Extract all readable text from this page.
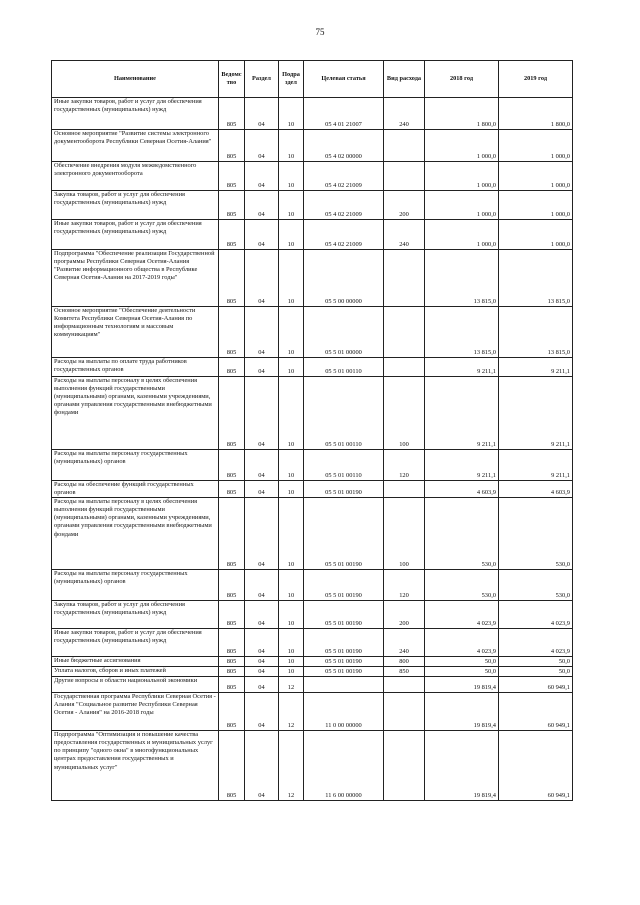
75
Наименование	Ведомс тво	Раздел	Подра здел	Целевая статья	Вид расхода	2018 год	2019 год
Иные закупки товаров, работ и услуг для обеспечения государственных (муниципальных) нужд	805	04	10	05 4 01 21007	240	1 800,0	1 800,0
Основное мероприятие "Развитие системы электронного документооборота Республики Северная Осетия-Алания"	805	04	10	05 4 02 00000		1 000,0	1 000,0
Обеспечение внедрения модуля межведомственного электронного документооборота	805	04	10	05 4 02 21009		1 000,0	1 000,0
Закупка товаров, работ и услуг для обеспечения государственных (муниципальных) нужд	805	04	10	05 4 02 21009	200	1 000,0	1 000,0
Иные закупки товаров, работ и услуг для обеспечения государственных (муниципальных) нужд	805	04	10	05 4 02 21009	240	1 000,0	1 000,0
Подпрограмма "Обеспечение реализации Государственной программы Республики Северная Осетия-Алания "Развитие информационного общества в Республике Северная Осетия-Алания на 2017-2019 годы"	805	04	10	05 5 00 00000		13 815,0	13 815,0
Основное мероприятие "Обеспечение деятельности Комитета Республики Северная Осетия-Алания по информационным технологиям и массовым коммуникациям"	805	04	10	05 5 01 00000		13 815,0	13 815,0
Расходы на выплаты по оплате труда работников государственных органов	805	04	10	05 5 01 00110		9 211,1	9 211,1
Расходы на выплаты персоналу в целях обеспечения выполнения функций государственными (муниципальными) органами, казенными учреждениями, органами управления государственными внебюджетными фондами	805	04	10	05 5 01 00110	100	9 211,1	9 211,1
Расходы на выплаты персоналу государственных (муниципальных) органов	805	04	10	05 5 01 00110	120	9 211,1	9 211,1
Расходы на обеспечение функций государственных органов	805	04	10	05 5 01 00190		4 603,9	4 603,9
Расходы на выплаты персоналу в целях обеспечения выполнения функций государственными (муниципальными) органами, казенными учреждениями, органами управления государственными внебюджетными фондами	805	04	10	05 5 01 00190	100	530,0	530,0
Расходы на выплаты персоналу государственных (муниципальных) органов	805	04	10	05 5 01 00190	120	530,0	530,0
Закупка товаров, работ и услуг для обеспечения государственных (муниципальных) нужд	805	04	10	05 5 01 00190	200	4 023,9	4 023,9
Иные закупки товаров, работ и услуг для обеспечения государственных (муниципальных) нужд	805	04	10	05 5 01 00190	240	4 023,9	4 023,9
Иные бюджетные ассигнования	805	04	10	05 5 01 00190	800	50,0	50,0
Уплата налогов, сборов и иных платежей	805	04	10	05 5 01 00190	850	50,0	50,0
Другие вопросы в области национальной экономики	805	04	12			19 819,4	60 949,1
Государственная программа Республики Северная Осетия - Алания "Социальное развитие Республики Северная Осетия - Алания" на 2016-2018 годы	805	04	12	11 0 00 00000		19 819,4	60 949,1
Подпрограмма "Оптимизация и повышение качества предоставления государственных и муниципальных услуг по принципу "одного окна" в многофункциональных центрах предоставления государственных и муниципальных услуг"	805	04	12	11 6 00 00000		19 819,4	60 949,1
